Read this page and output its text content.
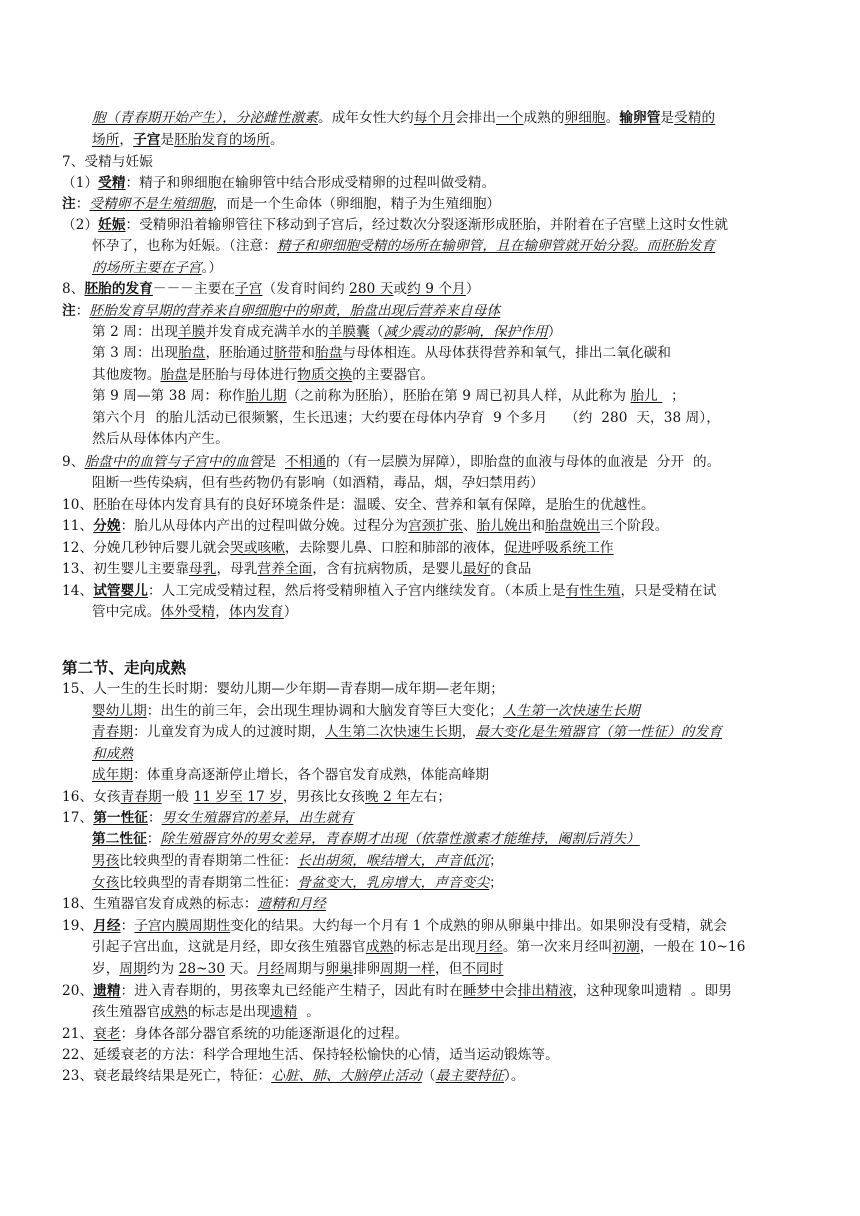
第二节、走向成熟
胞（青春期开始产生），分泌雌性激素。成年女性大约每个月会排出一个成熟的卵细胞。输卵管是受精的
场所，子宫是胚胎发育的场所。
7、受精与妊娠
（1）受精：精子和卵细胞在输卵管中结合形成受精卵的过程叫做受精。
注：受精卵不是生殖细胞，而是一个生命体（卵细胞，精子为生殖细胞）
（2）妊娠：受精卵沿着输卵管往下移动到子宫后，经过数次分裂逐渐形成胚胎，并附着在子宫壁上这时女性就
怀孕了，也称为妊娠。（注意：精子和卵细胞受精的场所在输卵管，且在输卵管就开始分裂。而胚胎发育
的场所主要在子宫。）
8、胚胎的发育－－－主要在子宫（发育时间约 280 天或约 9 个月）
注：胚胎发育早期的营养来自卵细胞中的卵黄，胎盘出现后营养来自母体
第 2 周：出现羊膜并发育成充满羊水的羊膜囊（减少震动的影响，保护作用）
第 3 周：出现胎盘，胚胎通过脐带和胎盘与母体相连。从母体获得营养和氧气，排出二氧化碳和
其他废物。胎盘是胚胎与母体进行物质交换的主要器官。
第 9 周—第 38 周：称作胎儿期（之前称为胚胎），胚胎在第 9 周已初具人样，从此称为 胎儿   ；
第六个月  的胎儿活动已很频繁，生长迅速；大约要在母体内孕育  9 个多月    （约  280  天，38 周），
然后从母体体内产生。
9、胎盘中的血管与子宫中的血管是  不相通的（有一层膜为屏障），即胎盘的血液与母体的血液是  分开  的。
阻断一些传染病，但有些药物仍有影响（如酒精，毒品，烟，孕妇禁用药）
10、胚胎在母体内发育具有的良好环境条件是：温暖、安全、营养和氧有保障，是胎生的优越性。
11、分娩：胎儿从母体内产出的过程叫做分娩。过程分为宫颈扩张、胎儿娩出和胎盘娩出三个阶段。
12、分娩几秒钟后婴儿就会哭或咳嗽，去除婴儿鼻、口腔和肺部的液体，促进呼吸系统工作
13、初生婴儿主要靠母乳，母乳营养全面，含有抗病物质，是婴儿最好的食品
14、试管婴儿：人工完成受精过程，然后将受精卵植入子宫内继续发育。（本质上是有性生殖，只是受精在试
管中完成。体外受精，体内发育）
15、人一生的生长时期：婴幼儿期—少年期—青春期—成年期—老年期；
婴幼儿期：出生的前三年，会出现生理协调和大脑发育等巨大变化；人生第一次快速生长期
青春期：儿童发育为成人的过渡时期，人生第二次快速生长期，最大变化是生殖器官（第一性征）的发育
和成熟
成年期：体重身高逐渐停止增长，各个器官发育成熟，体能高峰期
16、女孩青春期一般 11 岁至 17 岁，男孩比女孩晚 2 年左右；
17、第一性征：男女生殖器官的差异，出生就有
第二性征：除生殖器官外的男女差异，青春期才出现（依靠性激素才能维持，阉割后消失）
男孩比较典型的青春期第二性征：长出胡须，喉结增大，声音低沉；
女孩比较典型的青春期第二性征：骨盆变大，乳房增大，声音变尖；
18、生殖器官发育成熟的标志：遗精和月经
19、月经：子宫内膜周期性变化的结果。大约每一个月有 1 个成熟的卵从卵巢中排出。如果卵没有受精，就会
引起子宫出血，这就是月经，即女孩生殖器官成熟的标志是出现月经。第一次来月经叫初潮，一般在 10~16
岁，周期约为 28~30 天。月经周期与卵巢排卵周期一样，但不同时
20、遗精：进入青春期的，男孩睾丸已经能产生精子，因此有时在睡梦中会排出精液，这种现象叫遗精  。即男
孩生殖器官成熟的标志是出现遗精  。
21、衰老：身体各部分器官系统的功能逐渐退化的过程。
22、延缓衰老的方法：科学合理地生活、保持轻松愉快的心情，适当运动锻炼等。
23、衰老最终结果是死亡，特征：心脏、肺、大脑停止活动（最主要特征）。
